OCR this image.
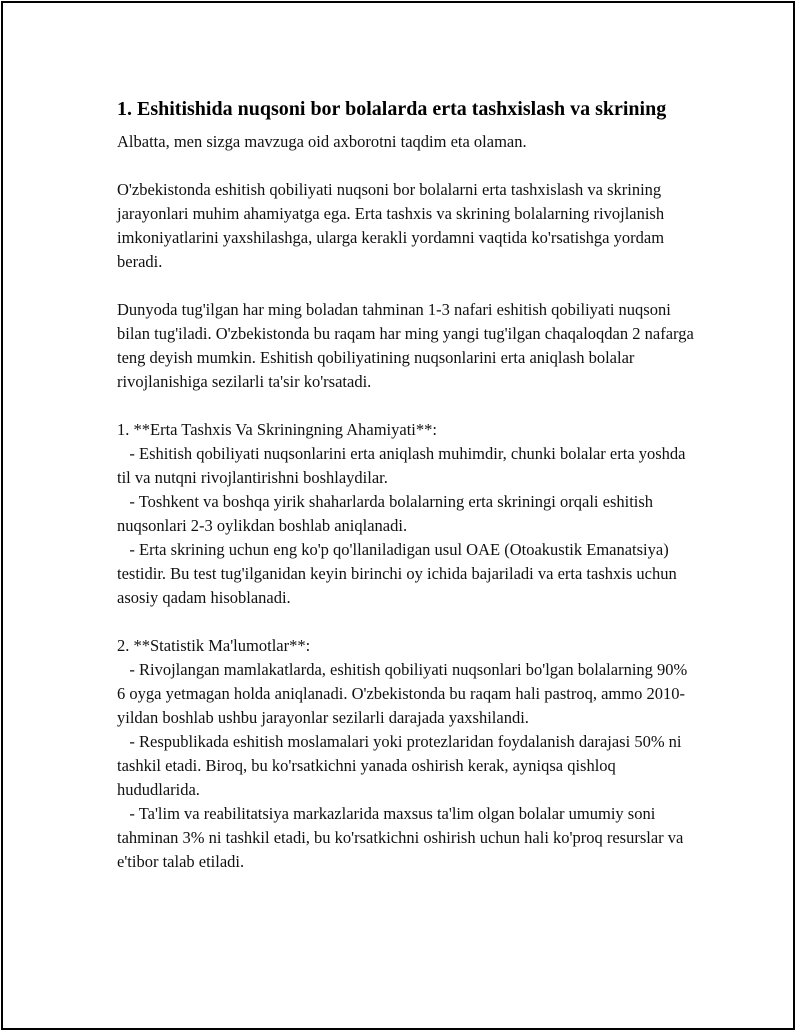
1. Eshitishida nuqsoni bor bolalarda erta tashxislash va skrining

Albatta, men sizga mavzuga oid axborotni taqdim eta olaman.

O'zbekistonda eshitish qobiliyati nuqsoni bor bolalarni erta tashxislash va skrining jarayonlari muhim ahamiyatga ega. Erta tashxis va skrining bolalarning rivojlanish imkoniyatlarini yaxshilashga, ularga kerakli yordamni vaqtida ko'rsatishga yordam beradi.

Dunyoda tug'ilgan har ming boladan tahminan 1-3 nafari eshitish qobiliyati nuqsoni bilan tug'iladi. O'zbekistonda bu raqam har ming yangi tug'ilgan chaqaloqdan 2 nafarga teng deyish mumkin. Eshitish qobiliyatining nuqsonlarini erta aniqlash bolalar rivojlanishiga sezilarli ta'sir ko'rsatadi.

1. **Erta Tashxis Va Skriningning Ahamiyati**:
- Eshitish qobiliyati nuqsonlarini erta aniqlash muhimdir, chunki bolalar erta yoshda til va nutqni rivojlantirishni boshlaydilar.
- Toshkent va boshqa yirik shaharlarda bolalarning erta skriningi orqali eshitish nuqsonlari 2-3 oylikdan boshlab aniqlanadi.
- Erta skrining uchun eng ko'p qo'llaniladigan usul OAE (Otoakustik Emanatsiya) testidir. Bu test tug'ilganidan keyin birinchi oy ichida bajariladi va erta tashxis uchun asosiy qadam hisoblanadi.
2. **Statistik Ma'lumotlar**:
- Rivojlangan mamlakatlarda, eshitish qobiliyati nuqsonlari bo'lgan bolalarning 90% 6 oyga yetmagan holda aniqlanadi. O'zbekistonda bu raqam hali pastroq, ammo 2010-yildan boshlab ushbu jarayonlar sezilarli darajada yaxshilandi.
- Respublikada eshitish moslamalari yoki protezlaridan foydalanish darajasi 50% ni tashkil etadi. Biroq, bu ko'rsatkichni yanada oshirish kerak, ayniqsa qishloq hududlarida.
- Ta'lim va reabilitatsiya markazlarida maxsus ta'lim olgan bolalar umumiy soni tahminan 3% ni tashkil etadi, bu ko'rsatkichni oshirish uchun hali ko'proq resurslar va e'tibor talab etiladi.
